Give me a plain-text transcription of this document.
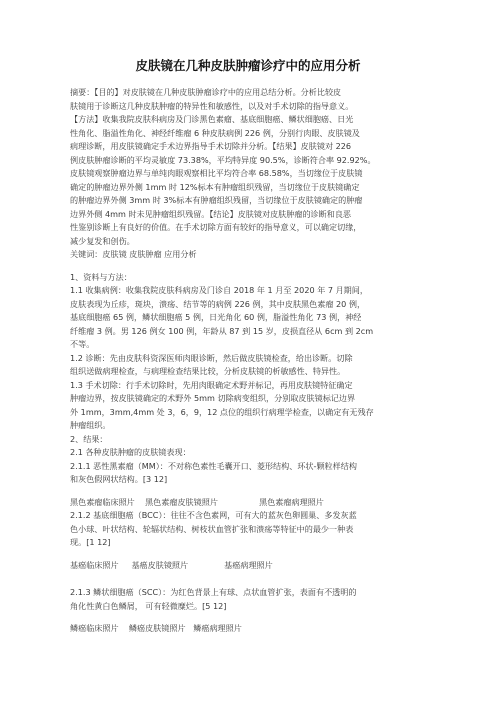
皮肤镜在几种皮肤肿瘤诊疗中的应用分析

摘要：【目的】对皮肤镜在几种皮肤肿瘤诊疗中的应用总结分析。分析比较皮

肤镜用于诊断这几种皮肤肿瘤的特异性和敏感性，以及对手术切除的指导意义。

【方法】收集我院皮肤科病房及门诊黑色素瘤、基底细胞癌、鳞状细胞癌、日光

性角化、脂溢性角化、神经纤维瘤 6 种皮肤病例 226 例，分别行肉眼、皮肤镜及

病理诊断，用皮肤镜确定手术边界指导手术切除并分析。【结果】皮肤镜对 226

例皮肤肿瘤诊断的平均灵敏度 73.38%，平均特异度 90.5%，诊断符合率 92.92%。

皮肤镜观察肿瘤边界与单纯肉眼观察相比平均符合率 68.58%，当切缘位于皮肤镜

确定的肿瘤边界外侧 1mm 时 12%标本有肿瘤组织残留，当切缘位于皮肤镜确定

的肿瘤边界外侧 3mm 时 3%标本有肿瘤组织残留，当切缘位于皮肤镜确定的肿瘤

边界外侧 4mm 时未见肿瘤组织残留。【结论】皮肤镜对皮肤肿瘤的诊断和良恶

性鉴别诊断上有良好的价值。在手术切除方面有较好的指导意义，可以确定切缘，

减少复发和创伤。

关键词：皮肤镜 皮肤肿瘤 应用分析

1、资料与方法：

1.1 收集病例：收集我院皮肤科病房及门诊自 2018 年 1 月至 2020 年 7 月期间，

皮肤表现为丘疹，斑块，溃疡、结节等的病例 226 例，其中皮肤黑色素瘤 20 例，

基底细胞癌 65 例，鳞状细胞癌 5 例，日光角化 60 例，脂溢性角化 73 例，神经

纤维瘤 3 例。男 126 例女 100 例，年龄从 87 到 15 岁，皮损直径从 6cm 到 2cm

不等。

1.2 诊断：先由皮肤科资深医师肉眼诊断，然后做皮肤镜检查，给出诊断。切除

组织送做病理检查，与病理检查结果比较，分析皮肤镜的析敏感性、特异性。

1.3 手术切除：行手术切除时，先用肉眼确定术野并标记，再用皮肤镜特征确定

肿瘤边界，按皮肤镜确定的术野外 5mm 切除病变组织，分别取皮肤镜标记边界

外 1mm，3mm,4mm 处 3，6，9，12 点位的组织行病理学检查，以确定有无残存

肿瘤组织。

2、结果：

2.1 各种皮肤肿瘤的皮肤镜表现：

2.1.1 恶性黑素瘤（MM）：不对称色素性毛囊开口、菱形结构、环状-颗粒样结构

和灰色假网状结构。[3 12]

黑色素瘤临床照片 黑色素瘤皮肤镜照片	黑色素瘤病理照片

2.1.2 基底细胞癌（BCC）：往往不含色素网，可有大的蓝灰色卵圆巢、多发灰蓝

色小球、叶状结构、轮辐状结构、树枝状血管扩张和溃疡等特征中的最少一种表

现。[1 12]

基癌临床照片 基癌皮肤镜照片	基癌病理照片

2.1.3 鳞状细胞癌（SCC）：为红色背景上有球、点状血管扩张，表面有不透明的

角化性黄白色鳞屑， 可有轻微糜烂。[5 12]

鳞癌临床照片 鳞癌皮肤镜照片 鳞癌病理照片
